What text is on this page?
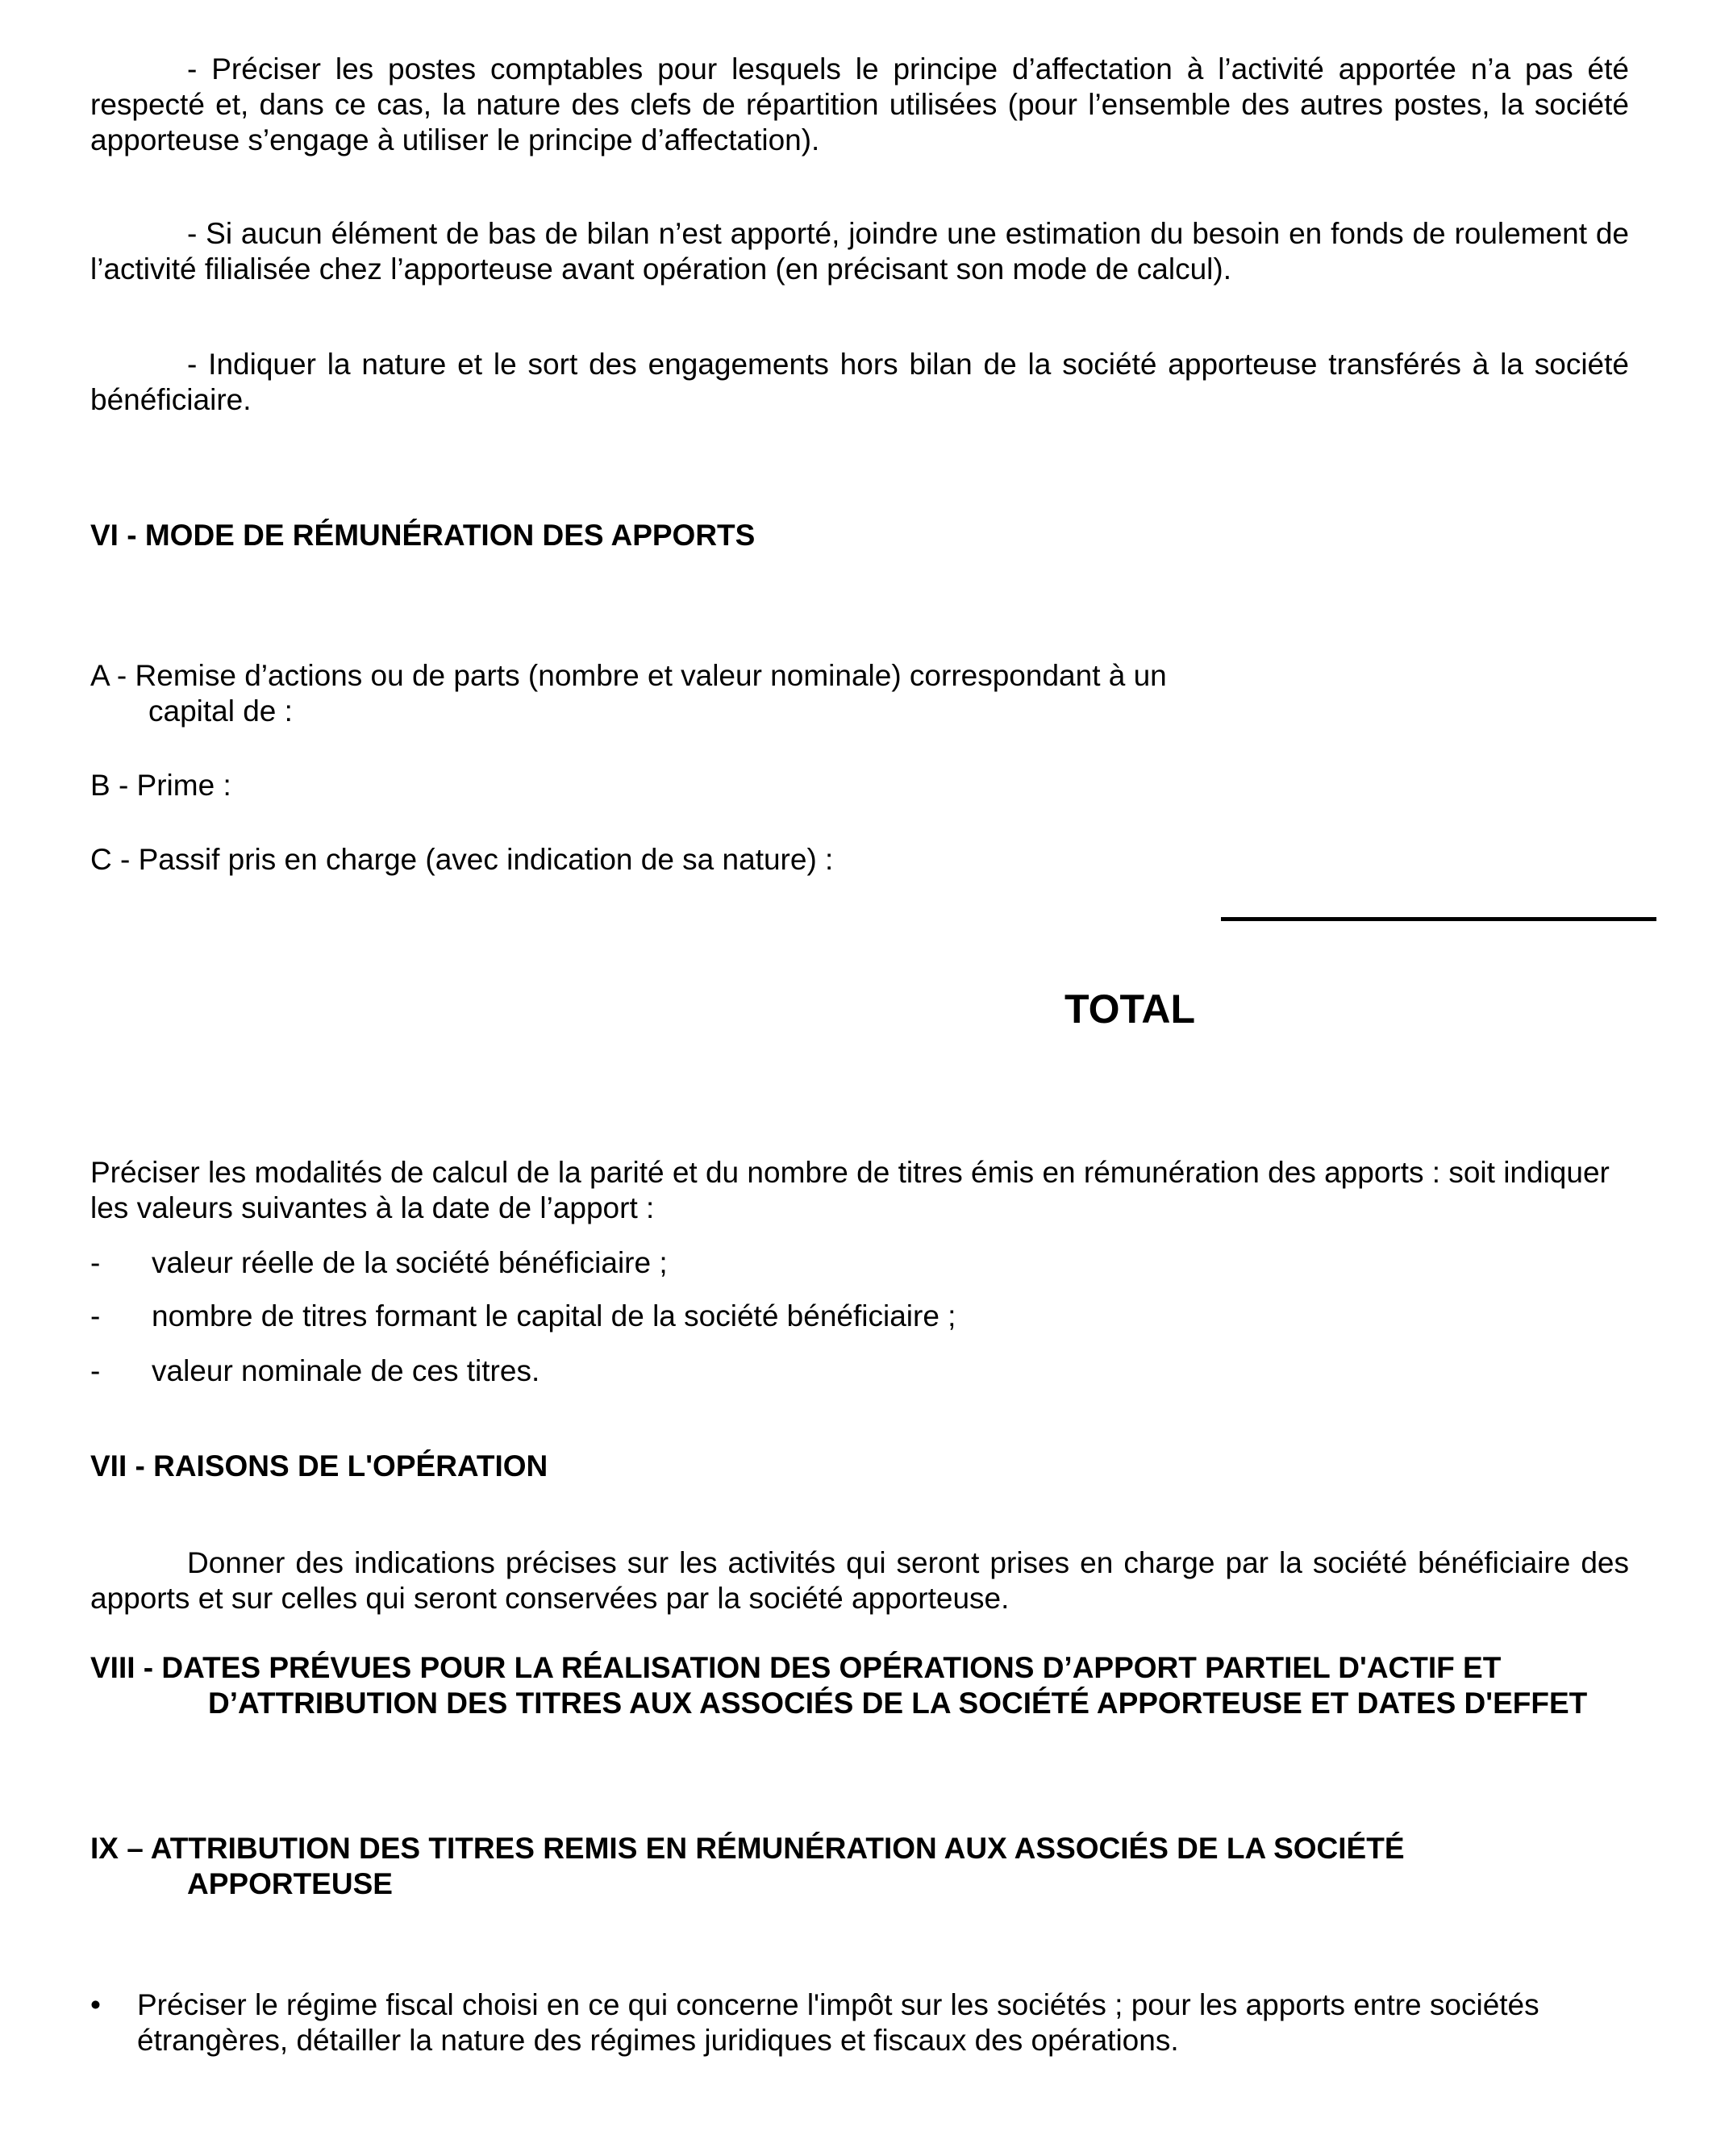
- Préciser les postes comptables pour lesquels le principe d’affectation à l’activité apportée n’a pas été respecté et, dans ce cas, la nature des clefs de répartition utilisées (pour l’ensemble des autres postes, la société apporteuse s’engage à utiliser le principe d’affectation).

- Si aucun élément de bas de bilan n’est apporté, joindre une estimation du besoin en fonds de roulement de l’activité filialisée chez l’apporteuse avant opération (en précisant son mode de calcul).

- Indiquer la nature et le sort des engagements hors bilan de la société apporteuse transférés à la société bénéficiaire.

VI - MODE DE RÉMUNÉRATION DES APPORTS
A - Remise d’actions ou de parts (nombre et valeur nominale) correspondant à un
capital de :
B - Prime :
C - Passif pris en charge (avec indication de sa nature) :
TOTAL

Préciser les modalités de calcul de la parité et du nombre de titres émis en rémunération des apports : soit indiquer les valeurs suivantes à la date de l’apport :

- valeur réelle de la société bénéficiaire ;
- nombre de titres formant le capital de la société bénéficiaire ;
- valeur nominale de ces titres.
VII - RAISONS DE L'OPÉRATION

Donner des indications précises sur les activités qui seront prises en charge par la société bénéficiaire des apports et sur celles qui seront conservées par la société apporteuse.

VIII - DATES PRÉVUES POUR LA RÉALISATION DES OPÉRATIONS D’APPORT PARTIEL D'ACTIF ET
D’ATTRIBUTION DES TITRES AUX ASSOCIÉS DE LA SOCIÉTÉ APPORTEUSE ET DATES D'EFFET
IX – ATTRIBUTION DES TITRES REMIS EN RÉMUNÉRATION AUX ASSOCIÉS DE LA SOCIÉTÉ
APPORTEUSE
• Préciser le régime fiscal choisi en ce qui concerne l'impôt sur les sociétés ; pour les apports entre sociétés étrangères, détailler la nature des régimes juridiques et fiscaux des opérations.
